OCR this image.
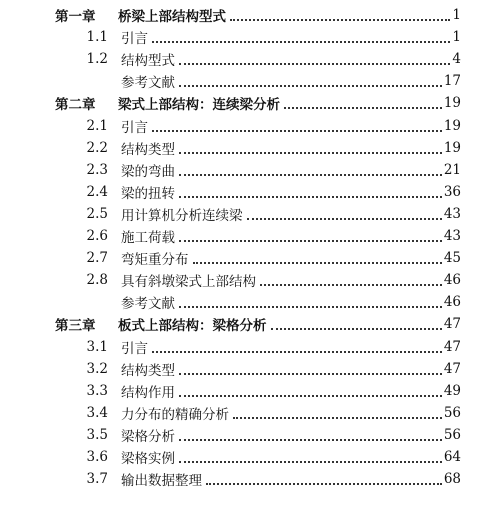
第一章	桥梁上部结构型式	1
1.1 引言	1
1.2 结构型式	4
参考文献	17
第二章	梁式上部结构：连续梁分析	19
2.1 引言	19
2.2 结构类型	19
2.3 梁的弯曲	21
2.4 梁的扭转	36
2.5 用计算机分析连续梁	43
2.6 施工荷载	43
2.7 弯矩重分布	45
2.8 具有斜墩梁式上部结构	46
参考文献	46
第三章	板式上部结构：梁格分析	47
3.1 引言	47
3.2 结构类型	47
3.3 结构作用	49
3.4 力分布的精确分析	56
3.5 梁格分析	56
3.6 梁格实例	64
3.7 输出数据整理	68
